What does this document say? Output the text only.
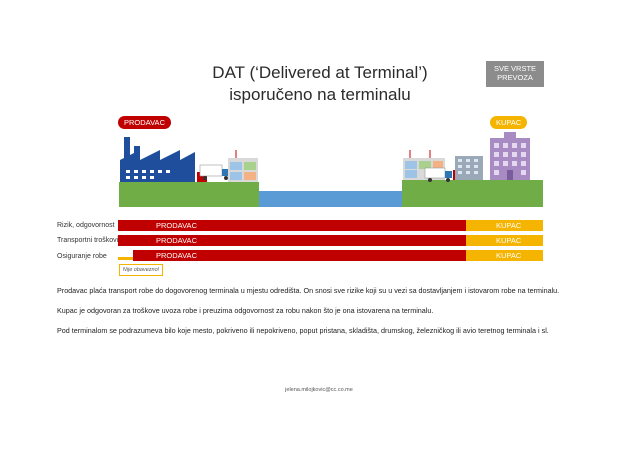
DAT (‘Delivered at Terminal’)
isporučeno na terminalu
SVE VRSTE
PREVOZA
PRODAVAC	KUPAC
Rizik, odgovornost	PRODAVAC	KUPAC
Transportni troškovi	PRODAVAC	KUPAC
Osiguranje robe	PRODAVAC	KUPAC
Nije obavezno!
Prodavac plaća transport robe do dogovorenog terminala u mjestu odredišta. On snosi sve rizike koji su u vezi sa dostavljanjem i istovarom robe na terminalu.
Kupac je odgovoran za troškove uvoza robe i preuzima odgovornost za robu nakon što je ona istovarena na terminalu.
Pod terminalom se podrazumeva bilo koje mesto, pokriveno ili nepokriveno, poput pristana, skladišta, drumskog, železničkog ili avio teretnog terminala i sl.
jelena.milojkovic@cc.co.me
